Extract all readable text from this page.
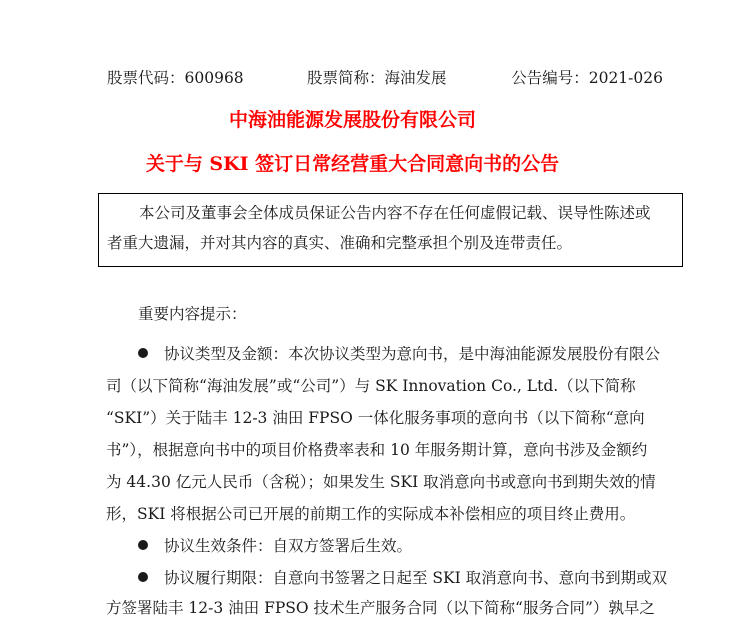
股票代码：600968	股票简称：海油发展	公告编号：2021-026
中海油能源发展股份有限公司
关于与 SKI 签订日常经营重大合同意向书的公告
本公司及董事会全体成员保证公告内容不存在任何虚假记载、误导性陈述或
者重大遗漏，并对其内容的真实、准确和完整承担个别及连带责任。
重要内容提示：
协议类型及金额：本次协议类型为意向书，是中海油能源发展股份有限公
司（以下简称“海油发展”或“公司”）与 SK Innovation Co., Ltd.（以下简称
“SKI”）关于陆丰 12-3 油田 FPSO 一体化服务事项的意向书（以下简称“意向
书”），根据意向书中的项目价格费率表和 10 年服务期计算，意向书涉及金额约
为 44.30 亿元人民币（含税）；如果发生 SKI 取消意向书或意向书到期失效的情
形，SKI 将根据公司已开展的前期工作的实际成本补偿相应的项目终止费用。
协议生效条件：自双方签署后生效。
协议履行期限：自意向书签署之日起至 SKI 取消意向书、意向书到期或双
方签署陆丰 12-3 油田 FPSO 技术生产服务合同（以下简称“服务合同”）孰早之
